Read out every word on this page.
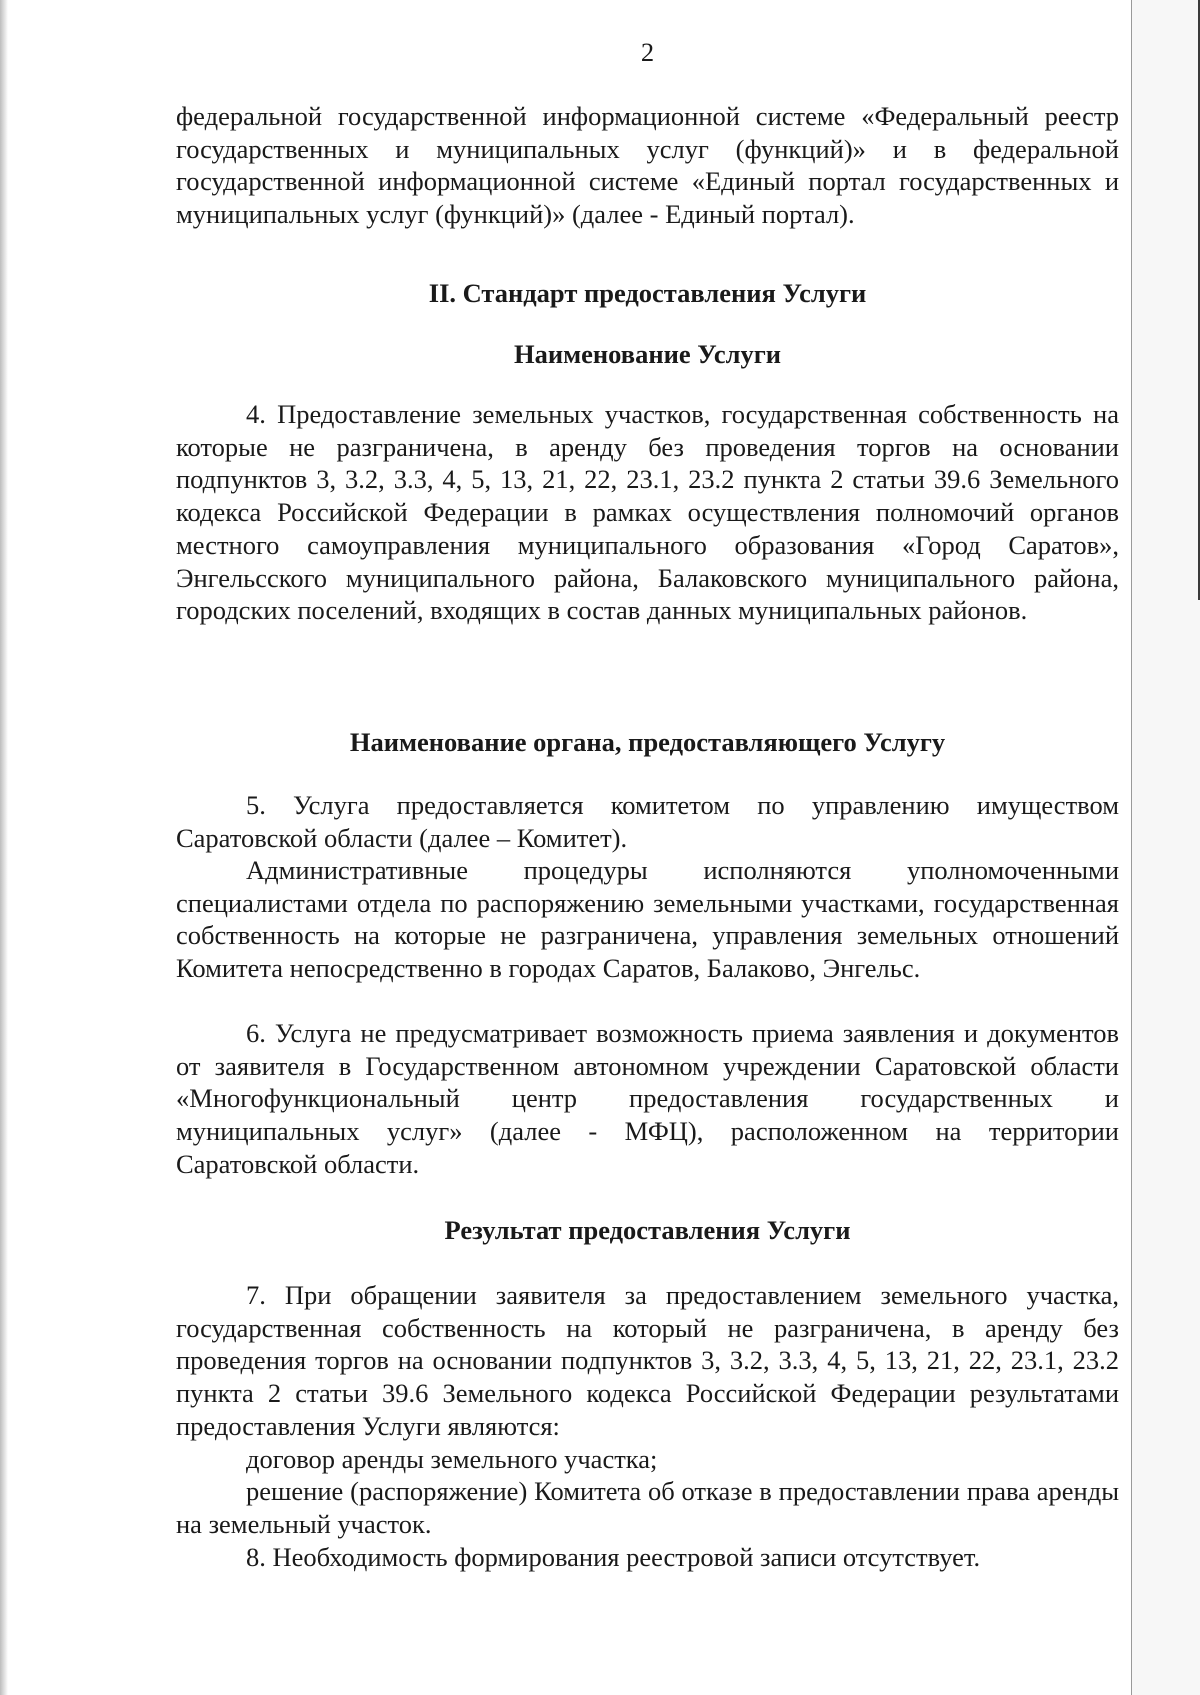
2

федеральной государственной информационной системе «Федеральный реестр государственных и муниципальных услуг (функций)» и в федеральной государственной информационной системе «Единый портал государственных и муниципальных услуг (функций)» (далее - Единый портал).

II. Стандарт предоставления Услуги

Наименование Услуги

4. Предоставление земельных участков, государственная собственность на которые не разграничена, в аренду без проведения торгов на основании подпунктов 3, 3.2, 3.3, 4, 5, 13, 21, 22, 23.1, 23.2 пункта 2 статьи 39.6 Земельного кодекса Российской Федерации в рамках осуществления полномочий органов местного самоуправления муниципального образования «Город Саратов», Энгельсского муниципального района, Балаковского муниципального района, городских поселений, входящих в состав данных муниципальных районов.

Наименование органа, предоставляющего Услугу

5. Услуга предоставляется комитетом по управлению имуществом Саратовской области (далее – Комитет).

Административные процедуры исполняются уполномоченными специалистами отдела по распоряжению земельными участками, государственная собственность на которые не разграничена, управления земельных отношений Комитета непосредственно в городах Саратов, Балаково, Энгельс.

6. Услуга не предусматривает возможность приема заявления и документов от заявителя в Государственном автономном учреждении Саратовской области «Многофункциональный центр предоставления государственных и муниципальных услуг» (далее - МФЦ), расположенном на территории Саратовской области.

Результат предоставления Услуги

7. При обращении заявителя за предоставлением земельного участка, государственная собственность на который не разграничена, в аренду без проведения торгов на основании подпунктов 3, 3.2, 3.3, 4, 5, 13, 21, 22, 23.1, 23.2 пункта 2 статьи 39.6 Земельного кодекса Российской Федерации результатами предоставления Услуги являются:

договор аренды земельного участка;

решение (распоряжение) Комитета об отказе в предоставлении права аренды на земельный участок.

8. Необходимость формирования реестровой записи отсутствует.
